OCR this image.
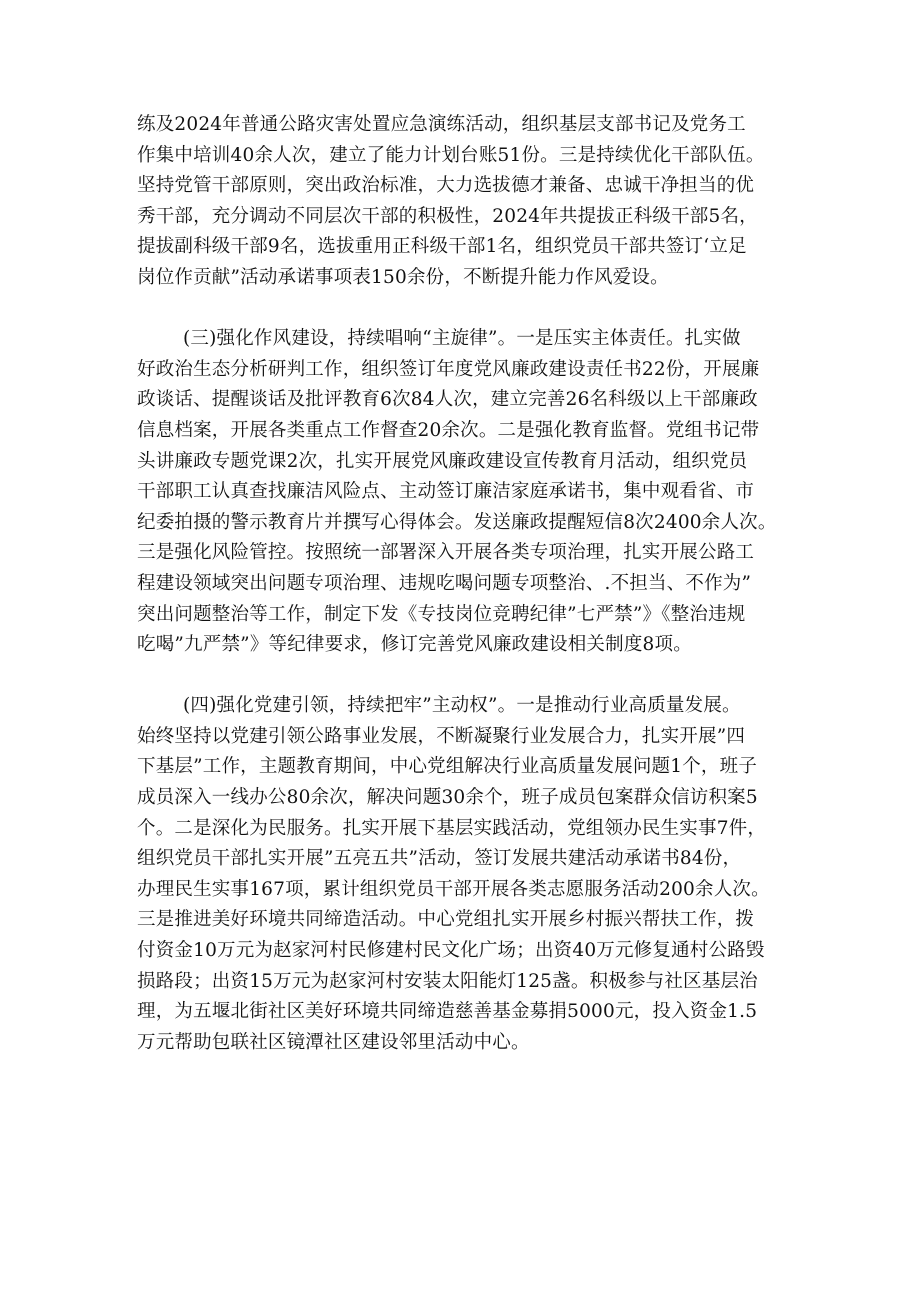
练及2024年普通公路灾害处置应急演练活动，组织基层支部书记及党务工
作集中培训40余人次，建立了能力计划台账51份。三是持续优化干部队伍。
坚持党管干部原则，突出政治标准，大力选拔德才兼备、忠诚干净担当的优
秀干部，充分调动不同层次干部的积极性，2024年共提拔正科级干部5名，
提拔副科级干部9名，选拔重用正科级干部1名，组织党员干部共签订‘立足
岗位作贡献”活动承诺事项表150余份，不断提升能力作风爱设。
(三)强化作风建设，持续唱响“主旋律”。一是压实主体责任。扎实做
好政治生态分析研判工作，组织签订年度党风廉政建设责任书22份，开展廉
政谈话、提醒谈话及批评教育6次84人次，建立完善26名科级以上干部廉政
信息档案，开展各类重点工作督查20余次。二是强化教育监督。党组书记带
头讲廉政专题党课2次，扎实开展党风廉政建设宣传教育月活动，组织党员
干部职工认真查找廉洁风险点、主动签订廉洁家庭承诺书，集中观看省、市
纪委拍摄的警示教育片并撰写心得体会。发送廉政提醒短信8次2400余人次。
三是强化风险管控。按照统一部署深入开展各类专项治理，扎实开展公路工
程建设领域突出问题专项治理、违规吃喝问题专项整治、.不担当、不作为”
突出问题整治等工作，制定下发《专技岗位竞聘纪律”七严禁”》《整治违规
吃喝”九严禁”》等纪律要求，修订完善党风廉政建设相关制度8项。
(四)强化党建引领，持续把牢”主动权”。一是推动行业高质量发展。
始终坚持以党建引领公路事业发展，不断凝聚行业发展合力，扎实开展”四
下基层”工作，主题教育期间，中心党组解决行业高质量发展问题1个，班子
成员深入一线办公80余次，解决问题30余个，班子成员包案群众信访积案5
个。二是深化为民服务。扎实开展下基层实践活动，党组领办民生实事7件，
组织党员干部扎实开展”五亮五共”活动，签订发展共建活动承诺书84份，
办理民生实事167项，累计组织党员干部开展各类志愿服务活动200余人次。
三是推进美好环境共同缔造活动。中心党组扎实开展乡村振兴帮扶工作，拨
付资金10万元为赵家河村民修建村民文化广场；出资40万元修复通村公路毁
损路段；出资15万元为赵家河村安装太阳能灯125盏。积极参与社区基层治
理，为五堰北街社区美好环境共同缔造慈善基金募捐5000元，投入资金1.5
万元帮助包联社区镜潭社区建设邻里活动中心。
